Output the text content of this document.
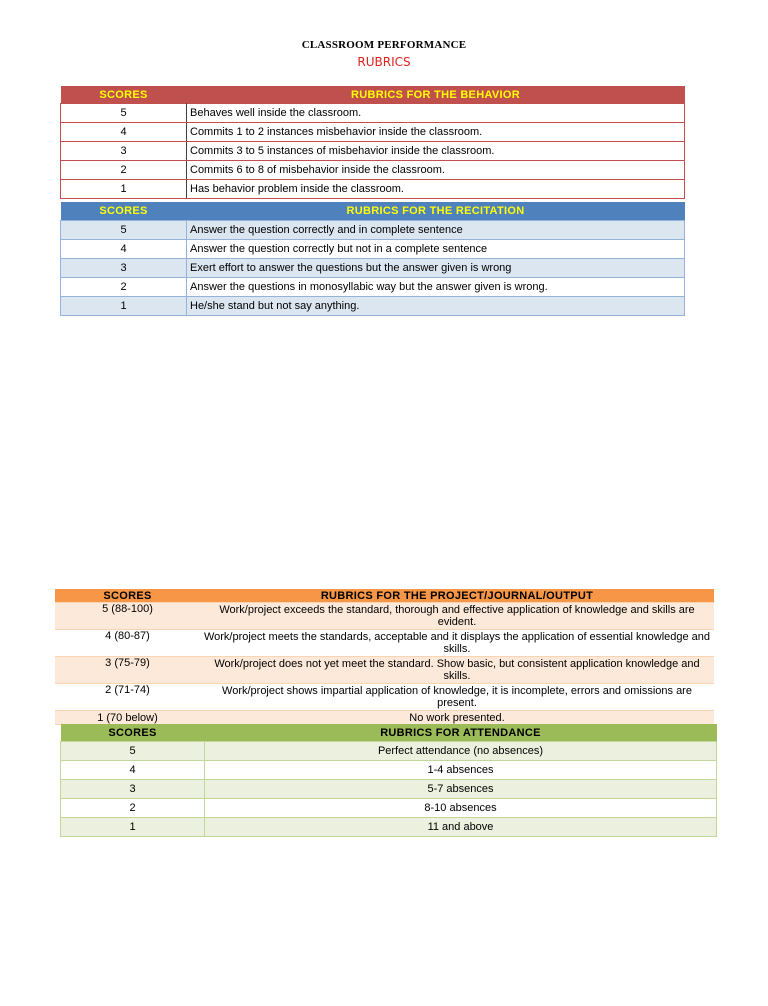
CLASSROOM PERFORMANCE
RUBRICS
SCORES	RUBRICS FOR THE BEHAVIOR
5	Behaves well inside the classroom.
4	Commits 1 to 2 instances misbehavior inside the classroom.
3	Commits 3 to 5 instances of misbehavior inside the classroom.
2	Commits 6 to 8 of misbehavior inside the classroom.
1	Has behavior problem inside the classroom.
SCORES	RUBRICS FOR THE RECITATION
5	Answer the question correctly and in complete sentence
4	Answer the question correctly but not in a complete sentence
3	Exert effort to answer the questions but the answer given is wrong
2	Answer the questions in monosyllabic way but the answer given is wrong.
1	He/she stand but not say anything.
SCORES	RUBRICS FOR THE PROJECT/JOURNAL/OUTPUT
5 (88-100)	Work/project exceeds the standard, thorough and effective application of knowledge and skills are evident.
4 (80-87)	Work/project meets the standards, acceptable and it displays the application of essential knowledge and skills.
3 (75-79)	Work/project does not yet meet the standard. Show basic, but consistent application knowledge and skills.
2 (71-74)	Work/project shows impartial application of knowledge, it is incomplete, errors and omissions are present.
1 (70 below)	No work presented.
SCORES	RUBRICS FOR ATTENDANCE
5	Perfect attendance (no absences)
4	1-4 absences
3	5-7 absences
2	8-10 absences
1	11 and above
